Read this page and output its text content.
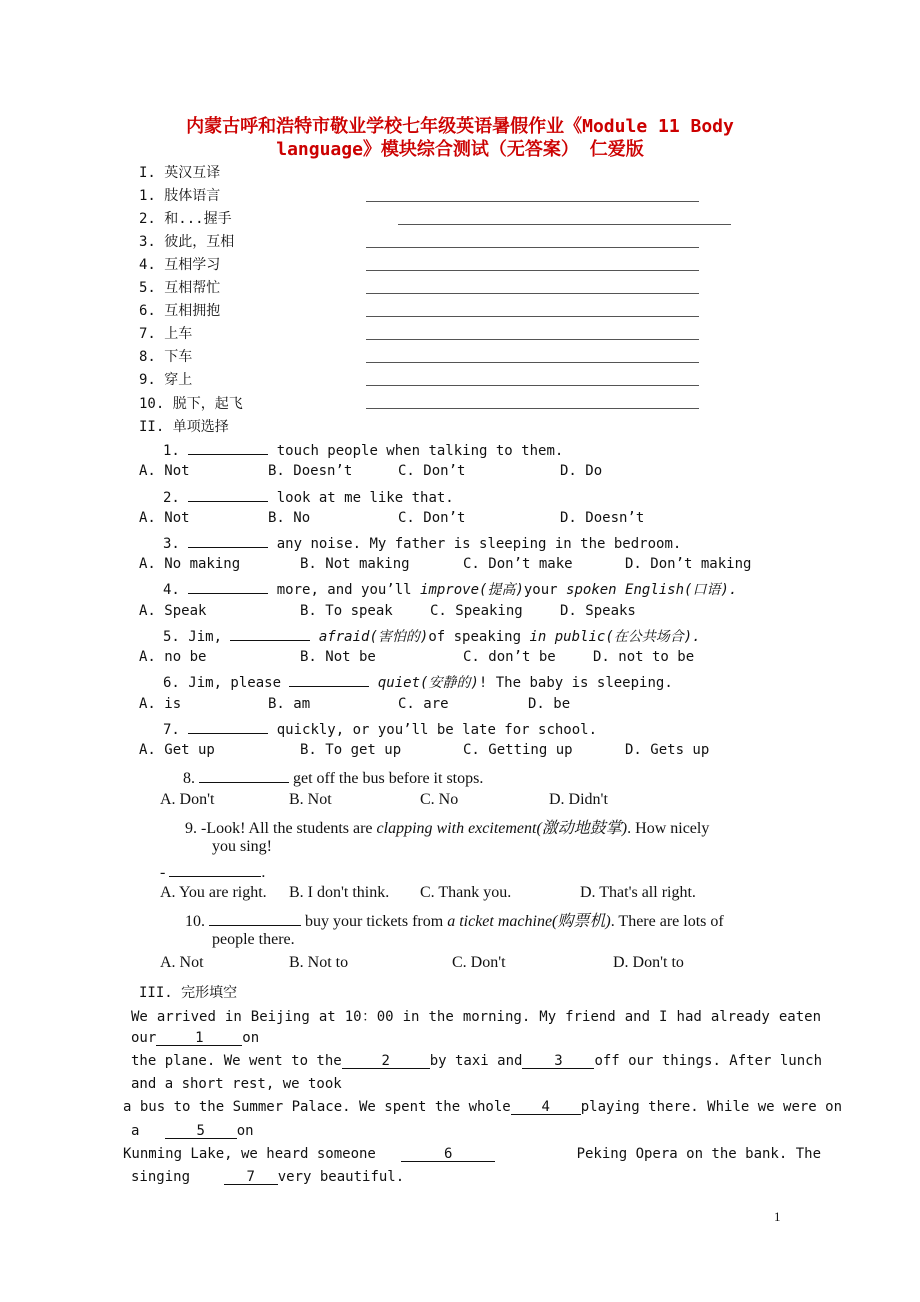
内蒙古呼和浩特市敬业学校七年级英语暑假作业《Module 11 Body
language》模块综合测试（无答案） 仁爱版
I. 英汉互译
1. 肢体语言
2. 和...握手
3. 彼此，互相
4. 互相学习
5. 互相帮忙
6. 互相拥抱
7. 上车
8. 下车
9. 穿上
10. 脱下，起飞
II. 单项选择
1.	touch people when talking to them.
A. Not	B. Doesn’t	C. Don’t	D. Do
2.	look at me like that.
A. Not	B. No	C. Don’t	D. Doesn’t
3.	any noise. My father is sleeping in the bedroom.
A. No making	B. Not making	C. Don’t make	D. Don’t making
4.	more, and you’ll improve(提高)your spoken English(口语).
A. Speak	B. To speak	C. Speaking	D. Speaks
5. Jim,	afraid(害怕的)of speaking in public(在公共场合).
A. no be	B. Not be	C. don’t be	D. not to be
6. Jim, please	quiet(安静的)! The baby is sleeping.
A. is	B. am	C. are	D. be
7.	quickly, or you’ll be late for school.
A. Get up	B. To get up	C. Getting up	D. Gets up
8.	get off the bus before it stops.
A. Don't	B. Not	C. No	D. Didn't
9. -Look! All the students are clapping with excitement(激动地鼓掌). How nicely
you sing!
-	.
A. You are right. B. I don't think. C. Thank you.	D. That's all right.
10.	buy your tickets from a ticket machine(购票机). There are lots of
people there.
A. Not	B. Not to	C. Don't	D. Don't to
III. 完形填空
We arrived in Beijing at 10：00 in the morning. My friend and I had already eaten
our	1	on
the plane. We went to the	2	by taxi and	3 off our things. After lunch
and a short rest, we took
a bus to the Summer Palace. We spent the whole	4 playing there. While we were on
a	5 on
Kunming Lake, we heard someone	6	Peking Opera on the bank. The
singing	7 very beautiful.
1
